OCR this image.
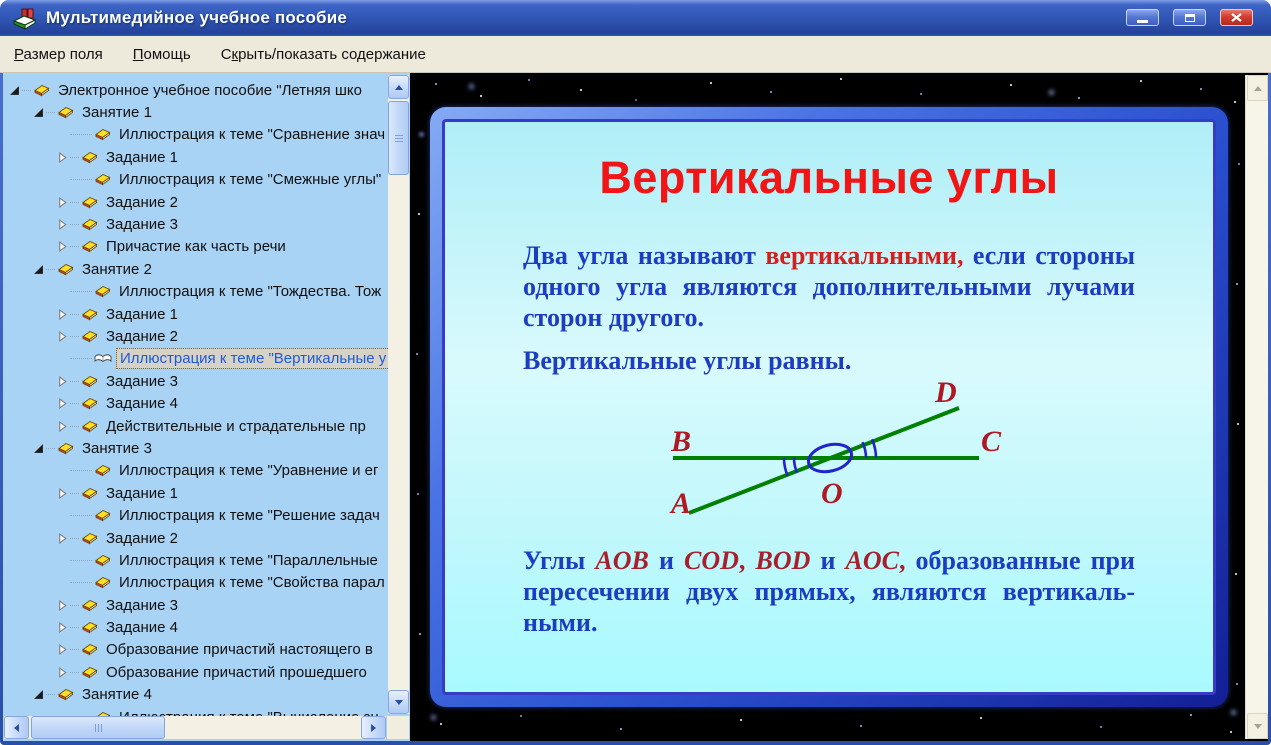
Мультимедийное учебное пособие
Размер поля Помощь Скрыть/показать содержание
Электронное учебное пособие "Летняя шко
Занятие 1
Иллюстрация к теме "Сравнение знач
Задание 1
Иллюстрация к теме "Смежные углы"
Задание 2
Задание 3
Причастие как часть речи
Занятие 2
Иллюстрация к теме "Тождества. Тож
Задание 1
Задание 2
Иллюстрация к теме "Вертикальные у
Задание 3
Задание 4
Действительные и страдательные пр
Занятие 3
Иллюстрация к теме "Уравнение и ег
Задание 1
Иллюстрация к теме "Решение задач
Задание 2
Иллюстрация к теме "Параллельные
Иллюстрация к теме "Свойства парал
Задание 3
Задание 4
Образование причастий настоящего в
Образование причастий прошедшего
Занятие 4
Вертикальные углы
Два угла называют вертикальными, если стороны
одного угла являются дополнительными лучами
сторон другого.
Вертикальные углы равны.
B	C
D
A	O
Углы AOB и COD, BOD и AOC, образованные при
пересечении двух прямых, являются вертикаль-
ными.
